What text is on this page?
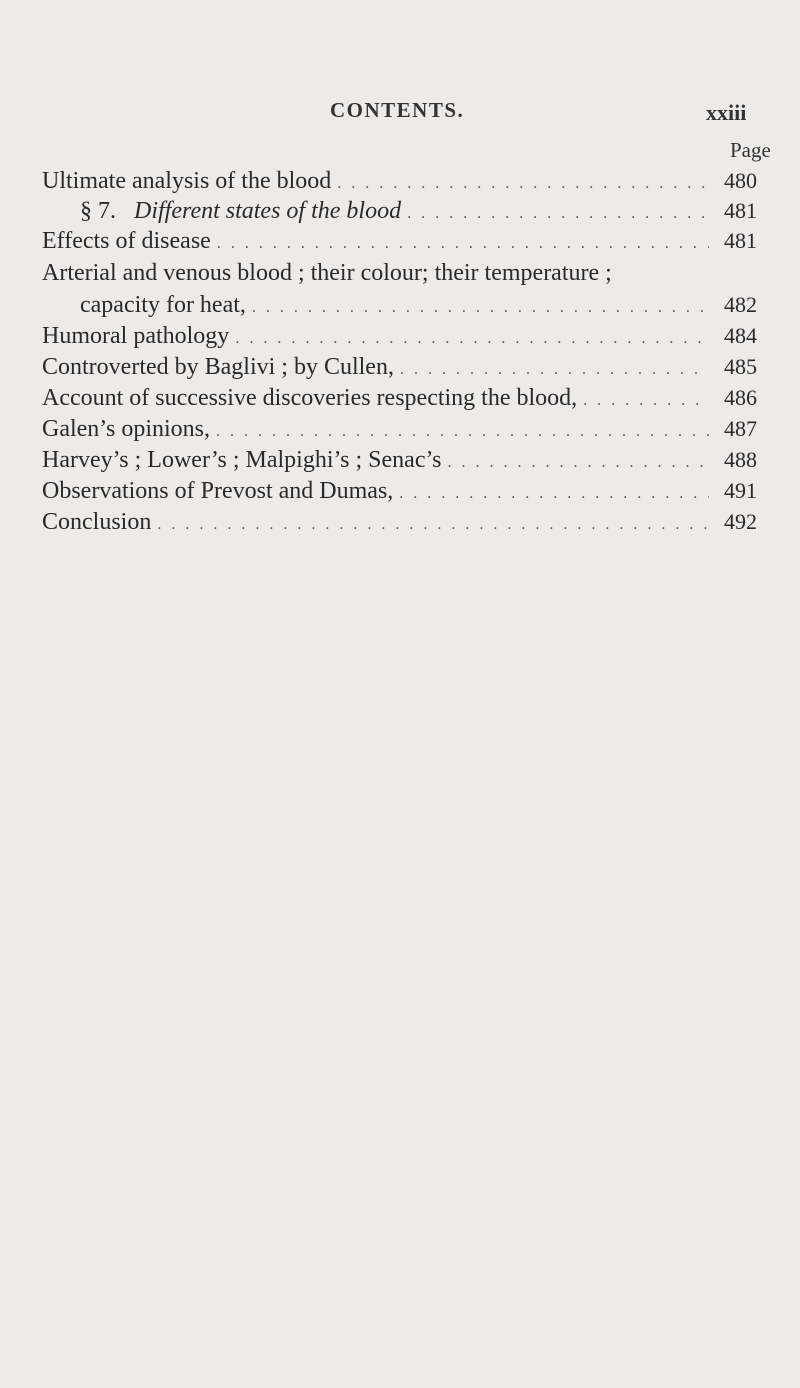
CONTENTS.	xxiii
Page
Ultimate analysis of the blood . . .	480
§ 7. Different states of the blood . . .	481
Effects of disease . . .	481
Arterial and venous blood ; their colour; their temperature ;
capacity for heat, . . .	482
Humoral pathology . . .	484
Controverted by Baglivi ; by Cullen, . . .	485
Account of successive discoveries respecting the blood, . . .	486
Galen’s opinions, . . .	487
Harvey’s ; Lower’s ; Malpighi’s ; Senac’s . . .	488
Observations of Prevost and Dumas, . . .	491
Conclusion . . .	492
